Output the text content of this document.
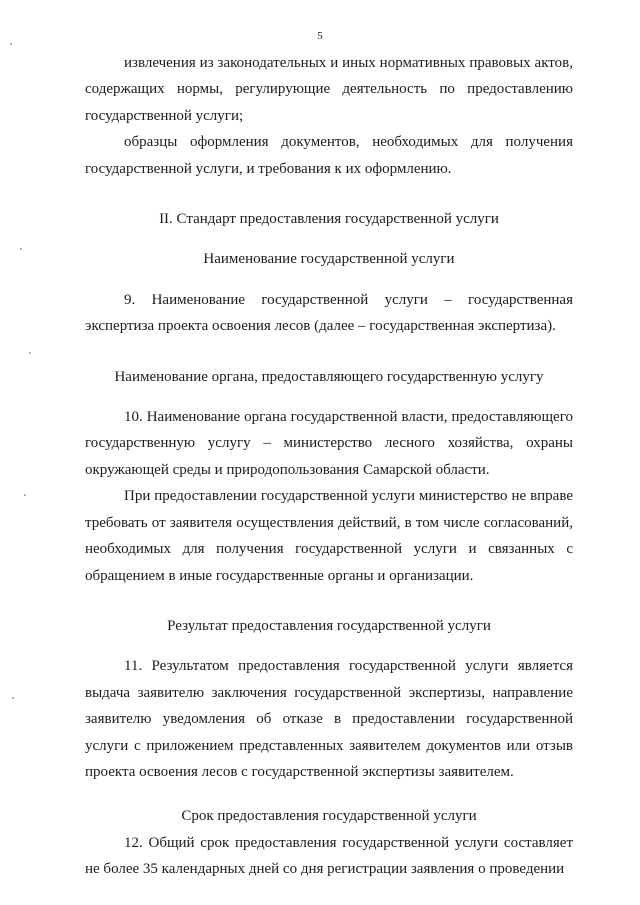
5

извлечения из законодательных и иных нормативных правовых актов, содержащих нормы, регулирующие деятельность по предоставлению государственной услуги;

образцы оформления документов, необходимых для получения государственной услуги, и требования к их оформлению.

II. Стандарт предоставления государственной услуги

Наименование государственной услуги

9. Наименование государственной услуги – государственная экспертиза проекта освоения лесов (далее – государственная экспертиза).

Наименование органа, предоставляющего государственную услугу

10. Наименование органа государственной власти, предоставляющего государственную услугу – министерство лесного хозяйства, охраны окружающей среды и природопользования Самарской области.

При предоставлении государственной услуги министерство не вправе требовать от заявителя осуществления действий, в том числе согласований, необходимых для получения государственной услуги и связанных с обращением в иные государственные органы и организации.

Результат предоставления государственной услуги

11. Результатом предоставления государственной услуги является выдача заявителю заключения государственной экспертизы, направление заявителю уведомления об отказе в предоставлении государственной услуги с приложением представленных заявителем документов или отзыв проекта освоения лесов с государственной экспертизы заявителем.

Срок предоставления государственной услуги

12. Общий срок предоставления государственной услуги составляет не более 35 календарных дней со дня регистрации заявления о проведении
